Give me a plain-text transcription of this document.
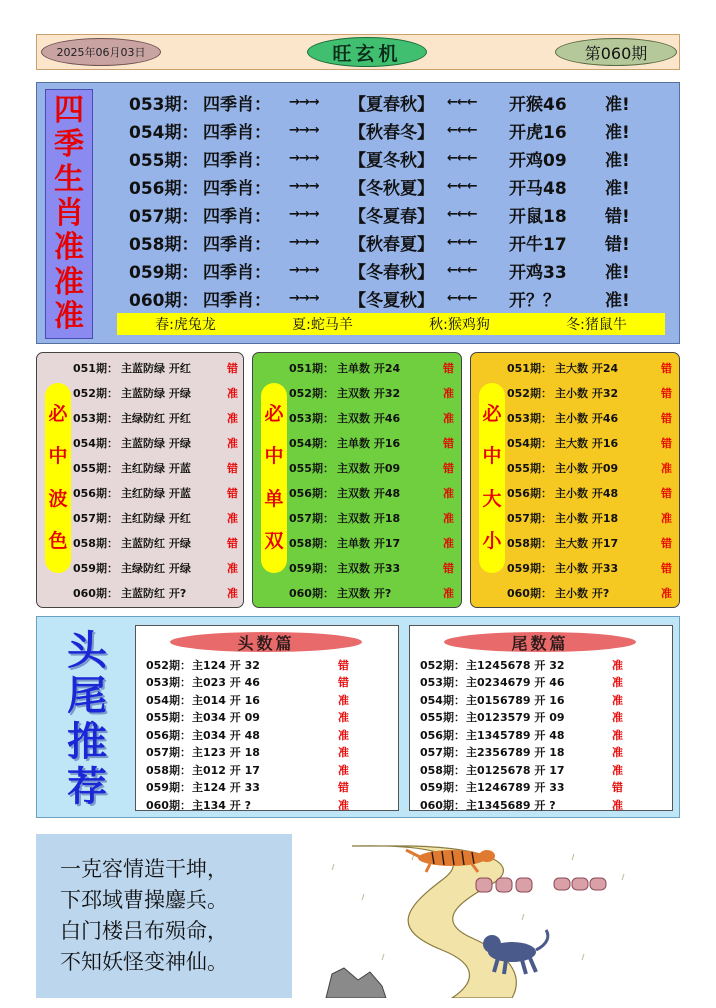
2025年06月03日	旺玄机	第060期
四
季
生
肖
准
准
准
053期： 四季肖：	→→→	【夏春秋】	←←←	开猴46	准!
054期： 四季肖：	→→→	【秋春冬】	←←←	开虎16	准!
055期： 四季肖：	→→→	【夏冬秋】	←←←	开鸡09	准!
056期： 四季肖：	→→→	【冬秋夏】	←←←	开马48	准!
057期： 四季肖：	→→→	【冬夏春】	←←←	开鼠18	错!
058期： 四季肖：	→→→	【秋春夏】	←←←	开牛17	错!
059期： 四季肖：	→→→	【冬春秋】	←←←	开鸡33	准!
060期： 四季肖：	→→→	【冬夏秋】	←←←	开？？	准!
春:虎兔龙	夏:蛇马羊	秋:猴鸡狗	冬:猪鼠牛
必
中
波
色
051期： 主蓝防绿 开红	错
052期： 主蓝防绿 开绿	准
053期： 主绿防红 开红	准
054期： 主蓝防绿 开绿	准
055期： 主红防绿 开蓝	错
056期： 主红防绿 开蓝	错
057期： 主红防绿 开红	准
058期： 主蓝防红 开绿	错
059期： 主绿防红 开绿	准
060期： 主蓝防红 开?	准
必
中
单
双
051期： 主单数 开24	错
052期： 主双数 开32	准
053期： 主双数 开46	准
054期： 主单数 开16	错
055期： 主双数 开09	错
056期： 主双数 开48	准
057期： 主双数 开18	准
058期： 主单数 开17	准
059期： 主双数 开33	错
060期： 主双数 开?	准
必
中
大
小
051期： 主大数 开24	错
052期： 主小数 开32	错
053期： 主小数 开46	错
054期： 主大数 开16	错
055期： 主小数 开09	准
056期： 主小数 开48	错
057期： 主小数 开18	准
058期： 主大数 开17	错
059期： 主小数 开33	错
060期： 主小数 开?	准
头
尾
推
荐
头数篇
052期： 主124 开 32	错
053期： 主023 开 46	错
054期： 主014 开 16	准
055期： 主034 开 09	准
056期： 主034 开 48	准
057期： 主123 开 18	准
058期： 主012 开 17	准
059期： 主124 开 33	错
060期： 主134 开 ?	准
尾数篇
052期： 主1245678 开 32	准
053期： 主0234679 开 46	准
054期： 主0156789 开 16	准
055期： 主0123579 开 09	准
056期： 主1345789 开 48	准
057期： 主2356789 开 18	准
058期： 主0125678 开 17	准
059期： 主1246789 开 33	错
060期： 主1345689 开 ?	准
一克容情造干坤，
下邳域曹操鏖兵。
白门楼吕布殒命，
不知妖怪变神仙。
